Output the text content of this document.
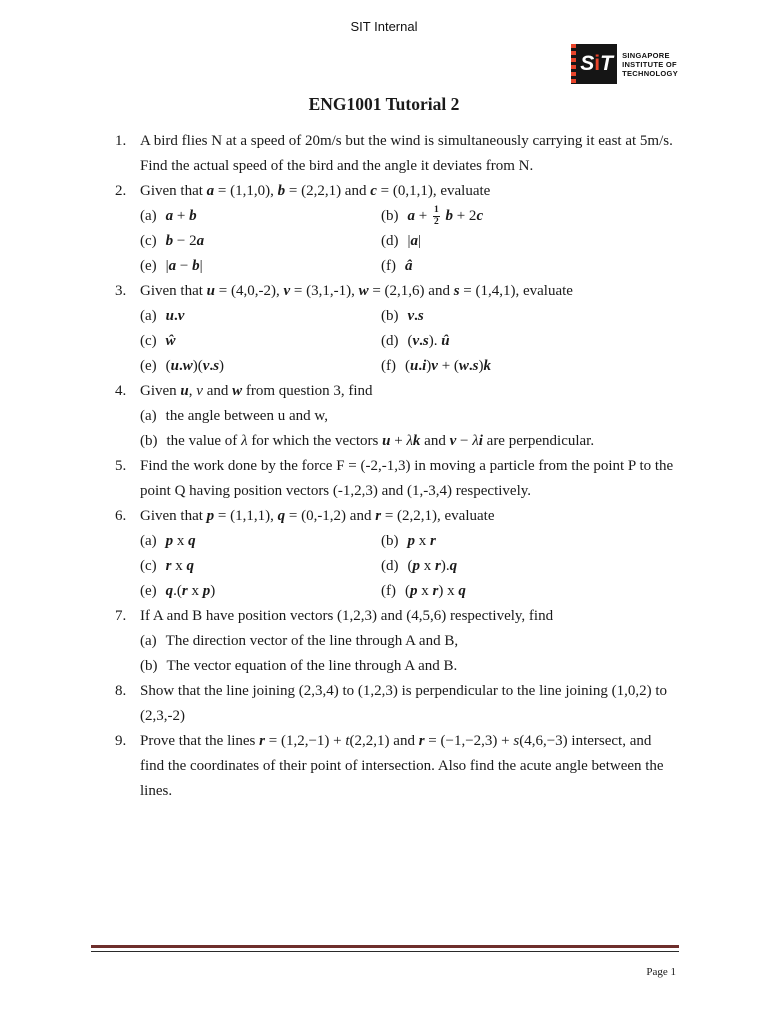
SIT Internal
SiT SINGAPORE
INSTITUTE OF
TECHNOLOGY
ENG1001 Tutorial 2
1. A bird flies N at a speed of 20m/s but the wind is simultaneously carrying it east at 5m/s. Find the actual speed of the bird and the angle it deviates from N.
2. Given that a = (1,1,0), b = (2,2,1) and c = (0,1,1), evaluate
(a) a + b	(b) $a + \frac{1}{2}$ b + 2c
(c) b − 2a	(d) |a|
(e) |a − b|	(f) â
3. Given that u = (4,0,-2), v = (3,1,-1), w = (2,1,6) and s = (1,4,1), evaluate
(a) u.v	(b) v.s
(c) ŵ	(d) (v.s). û
(e) (u.w)(v.s)	(f) (u.i)v + (w.s)k
4. Given u, v and w from question 3, find
(a) the angle between u and w,
(b) the value of λ for which the vectors u + λk and v − λi are perpendicular.
5. Find the work done by the force F = (-2,-1,3) in moving a particle from the point P to the point Q having position vectors (-1,2,3) and (1,-3,4) respectively.
6. Given that p = (1,1,1), q = (0,-1,2) and r = (2,2,1), evaluate
(a) p x q	(b) p x r
(c) r x q	(d) (p x r).q
(e) q.(r x p)	(f) (p x r) x q
7. If A and B have position vectors (1,2,3) and (4,5,6) respectively, find
(a) The direction vector of the line through A and B,
(b) The vector equation of the line through A and B.
8. Show that the line joining (2,3,4) to (1,2,3) is perpendicular to the line joining (1,0,2) to (2,3,-2)
9. Prove that the lines r = (1,2,−1) + t(2,2,1) and r = (−1,−2,3) + s(4,6,−3) intersect, and find the coordinates of their point of intersection. Also find the acute angle between the lines.
Page 1
